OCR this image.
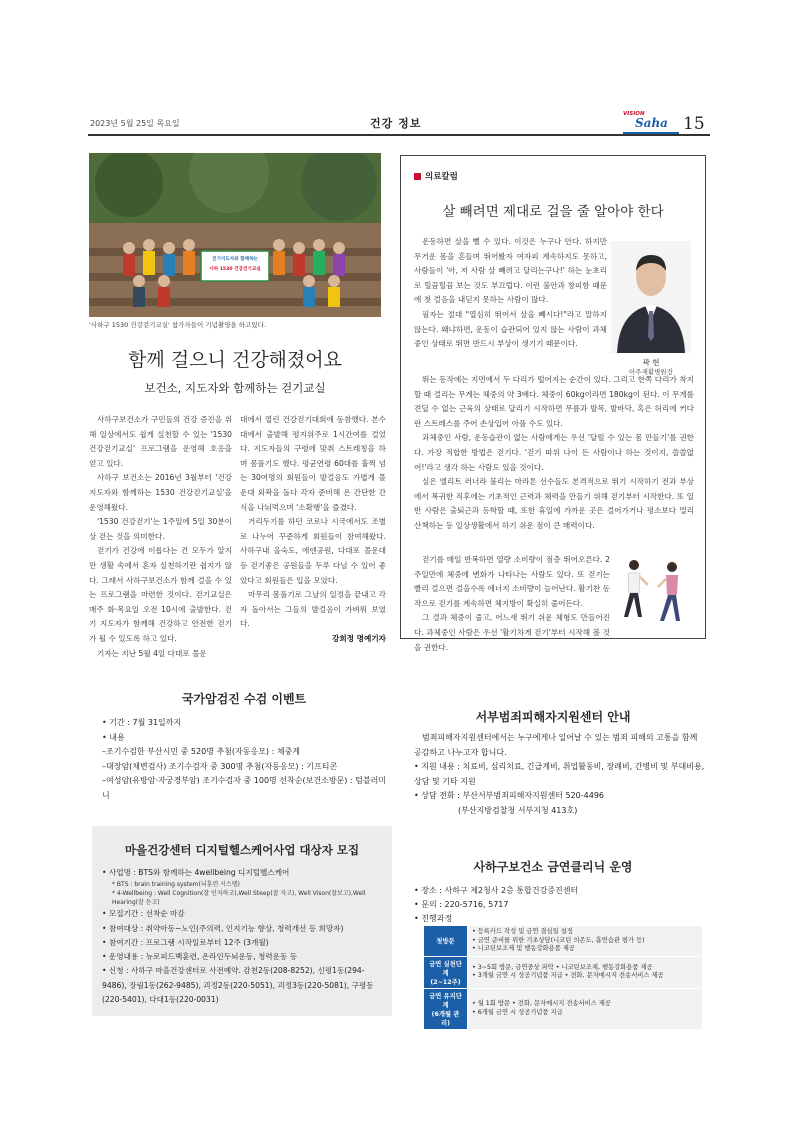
2023년 5월 25일 목요일	건강 정보
VISION
Saha 15
걷기지도자와 함께하는
사하 1530 건강걷기교실
'사하구 1530 건강걷기교실' 참가자들이 기념촬영을 하고있다.
함께 걸으니 건강해졌어요
보건소, 지도자와 함께하는 걷기교실

사하구보건소가 구민들의 건강 증진을 위해 일상에서도 쉽게 실천할 수 있는 '1530 건강걷기교실' 프로그램을 운영해 호응을 얻고 있다.

사하구 보건소는 2016년 3월부터 '건강지도자와 함께하는 1530 건강걷기교실'을 운영해왔다.

'1530 건강걷기'는 1주일에 5일 30분이상 걷는 것을 의미한다.

걷기가 건강에 이롭다는 건 모두가 알지만 생활 속에서 혼자 실천하기란 쉽지가 않다. 그래서 사하구보건소가 함께 걸을 수 있는 프로그램을 마련한 것이다. 걷기교실은 매주 화·목요일 오전 10시에 출발한다. 걷기 지도자가 함께해 건강하고 안전한 걷기가 될 수 있도록 하고 있다.

기자는 지난 5월 4일 다대포 몰운

대에서 열린 건강걷기대회에 동참했다. 본수대에서 출발해 평지위주로 1시간여를 걸었다. 지도자들의 구령에 맞춰 스트레칭을 하며 몸풀기도 했다. 평균연령 60대를 훌쩍 넘는 30여명의 회원들이 발걸음도 가볍게 몰운대 외곽을 돌다 각자 준비해 온 간단한 간식을 나눠먹으며 '소확행'을 즐겼다.

거리두기를 하던 코로나 시국에서도 조별로 나누어 꾸준하게 회원들이 참여해왔다. 사하구내 을숙도, 에덴공원, 다대포 몰운대 등 걷기좋은 공원들을 두루 다닐 수 있어 좋았다고 회원들은 입을 모았다.

마무리 몸풀기로 그날의 일정을 끝내고 각자 돌아서는 그들의 발걸음이 가벼워 보였다.

강희정 명예기자

의료칼럼
살 빼려면 제대로 걸을 줄 알아야 한다

운동하면 살을 뺄 수 있다. 이것은 누구나 안다. 하지만 무거운 몸을 흔들며 뛰어봤자 여자피 계속하지도 못하고, 사람들이 '아, 저 사람 살 빼려고 달리는구나!' 하는 눈초리로 힐끔힐끔 보는 것도 부끄럽다. 이런 불안과 창피함 때문에 첫 걸음을 내딛지 못하는 사람이 많다.

필자는 절대 "열심히 뛰어서 살을 빼시다!"라고 말하지 않는다. 왜냐하면, 운동이 습관되어 있지 않는 사람이 과체중인 상태로 뛰면 반드시 부상이 생기기 때문이다.

곽 현
아주재활병원장

뛰는 동작에는 지면에서 두 다리가 떨어지는 순간이 있다. 그리고 한쪽 다리가 착지할 때 걸리는 무게는 체중의 약 3배다. 체중이 60kg이라면 180kg이 된다. 이 무게를 견딜 수 없는 근육의 상태로 달리기 시작하면 무릎과 발목, 발바닥, 혹은 허리에 커다란 스트레스를 주어 손상입어 아플 수도 있다.

과체중인 사람, 운동습관이 없는 사람에게는 우선 '달릴 수 있는 몸 만들기'를 권한다. 가장 적합한 방법은 걷기다. '걷기 따위 나이 든 사람이나 하는 것이지, 쓸쓸없어!'라고 생각 하는 사람도 있을 것이다.

실은 엘리트 러너라 불리는 마라톤 선수들도 본격적으로 뛰기 시작하기 전과 부상에서 복귀한 직후에는 기초적인 근력과 체력을 만들기 위해 걷기부터 시작한다. 또 일반 사람은 출퇴근과 등학할 때, 또한 휴일에 가까운 곳은 걸어가거나 평소보다 멀리 산책하는 등 일상생활에서 하기 쉬운 점이 큰 매력이다.

걷기를 매일 반복하면 열량 소비량이 점층 뛰어오른다. 2주일만에 체중에 변화가 나타나는 사람도 있다. 또 걷기는 빨리 걸으면 걸을수록 에너지 소비량이 늘어난다. 활기찬 동작으로 걷기를 계속하면 체지방이 확실히 줄어든다.

그 결과 체중이 줄고, 어느새 뛰기 쉬운 체형도 만들어진다. 과체중인 사람은 우선 '활기차게 걷기'부터 시작해 볼 것을 권한다.

국가암검진 수검 이벤트
• 기간 : 7월 31일까지
• 내용
–조기수검한 부산시민 중 520명 추첨(자동응모) : 체중계
–대장암(채변검사) 조기수검자 중 300명 추첨(자동응모) : 기프티콘
–여성암(유방암·자궁경부암) 조기수검자 중 100명 선착순(보건소방문) : 텀블러미니
서부범죄피해자지원센터 안내
범죄피해자지원센터에서는 누구에게나 일어날 수 있는 범죄 피해의 고통을 함께 공감하고 나누고자 합니다.
• 지원 내용 : 치료비, 심리치료, 긴급계비, 취업활동비, 장례비, 간병비 및 부대비용, 상담 및 기타 지원
• 상담 전화 : 부산서부범죄피해자지원센터 520-4496
(부산지방검찰청 서부지청 413호)
마을건강센터 디지털헬스케어사업 대상자 모집
• 사업명 : BTS와 함께하는 4wellbeing 디지털헬스케어
* BTS : brain training system(뇌훈련 시스템)
* 4-Wellbeing : Well Cognition(잘 인지하고),Well Steep(잘 자고), Well Vison(잘보고),Well Hearing(잘 듣고)
• 모집기간 : 선착순 마감
• 참여대상 : 취약아동~노인(주의력, 인지기능 향상, 청력개선 등 희망자)
• 참여기간 : 프로그램 시작일로부터 12주 (3개월)
• 운영내용 : 뉴로피드백훈련, 온라인두뇌운동, 청력운동 등
• 신청 : 사하구 마을건강센터로 사전예약. 감천2동(208-8252), 신평1동(294-9486), 장림1동(262-9485), 괴정2동(220-5051), 괴정3동(220-5081), 구평동(220-5401), 다대1동(220-0031)
사하구보건소 금연클리닉 운영
• 장소 : 사하구 제2청사 2층 통합건강증진센터
• 문의 : 220-5716, 5717
• 진행과정
첫방문	• 등록카드 작성 및 금연 결심일 설정
• 금연 준비를 위한 기초상담(니코틴 의존도, 흡연습관 평가 등)
• 니코틴보조제 및 행동강화용품 제공
금연 실천단계
(2~12주)	• 3~5회 방문, 금연중상 파악 • 니코틴보조제, 행동강화용품 제공
• 3개월 금연 시 성공기념품 지급 • 전화, 문자메시지 전송서비스 제공
금연 유지단계
(6개월 관리)	• 월 1회 방문 • 전화, 문자메시지 전송서비스 제공
• 6개월 금연 시 성공기념품 지급
